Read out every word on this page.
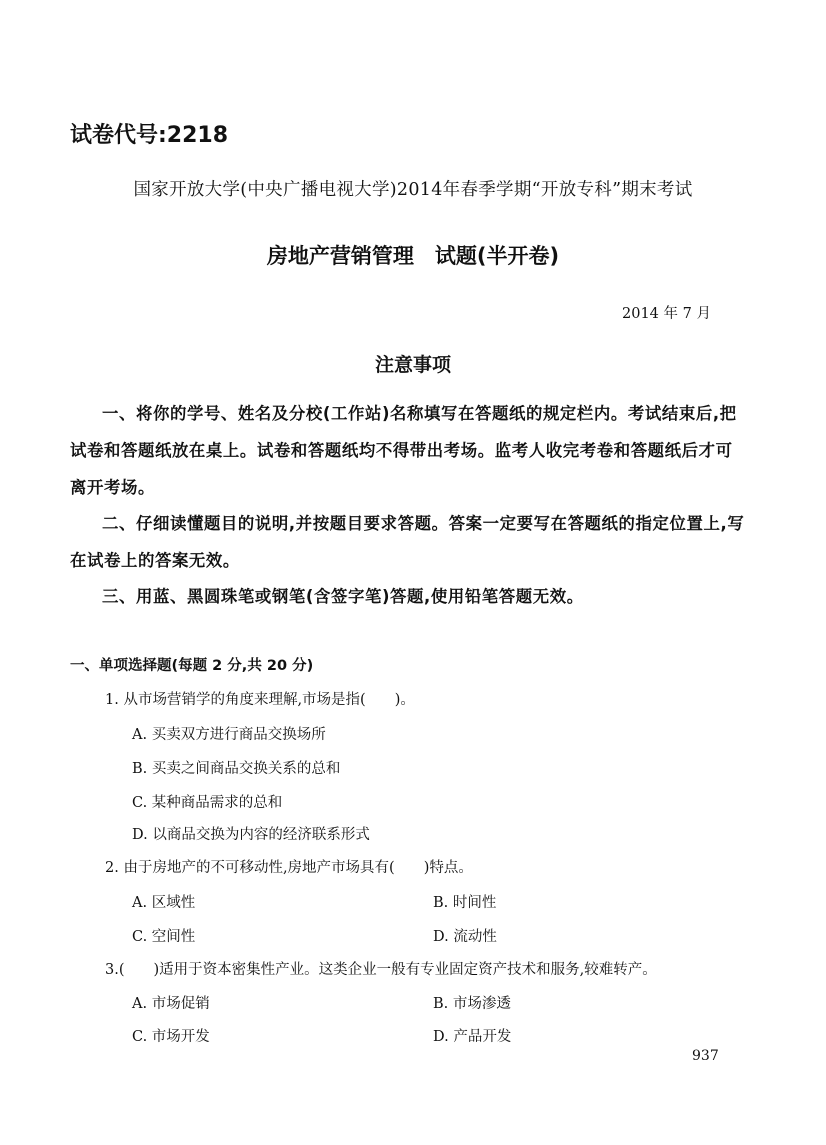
试卷代号:2218
国家开放大学(中央广播电视大学)2014年春季学期“开放专科”期末考试
房地产营销管理　试题(半开卷)
2014 年 7 月
注意事项
一、将你的学号、姓名及分校(工作站)名称填写在答题纸的规定栏内。考试结束后,把试卷和答题纸放在桌上。试卷和答题纸均不得带出考场。监考人收完考卷和答题纸后才可离开考场。
二、仔细读懂题目的说明,并按题目要求答题。答案一定要写在答题纸的指定位置上,写在试卷上的答案无效。
三、用蓝、黑圆珠笔或钢笔(含签字笔)答题,使用铅笔答题无效。
一、单项选择题(每题 2 分,共 20 分)
1. 从市场营销学的角度来理解,市场是指(　　)。
A. 买卖双方进行商品交换场所
B. 买卖之间商品交换关系的总和
C. 某种商品需求的总和
D. 以商品交换为内容的经济联系形式
2. 由于房地产的不可移动性,房地产市场具有(　　)特点。
A. 区域性	B. 时间性
C. 空间性	D. 流动性
3.(　　)适用于资本密集性产业。这类企业一般有专业固定资产技术和服务,较难转产。
A. 市场促销	B. 市场渗透
C. 市场开发	D. 产品开发
937
